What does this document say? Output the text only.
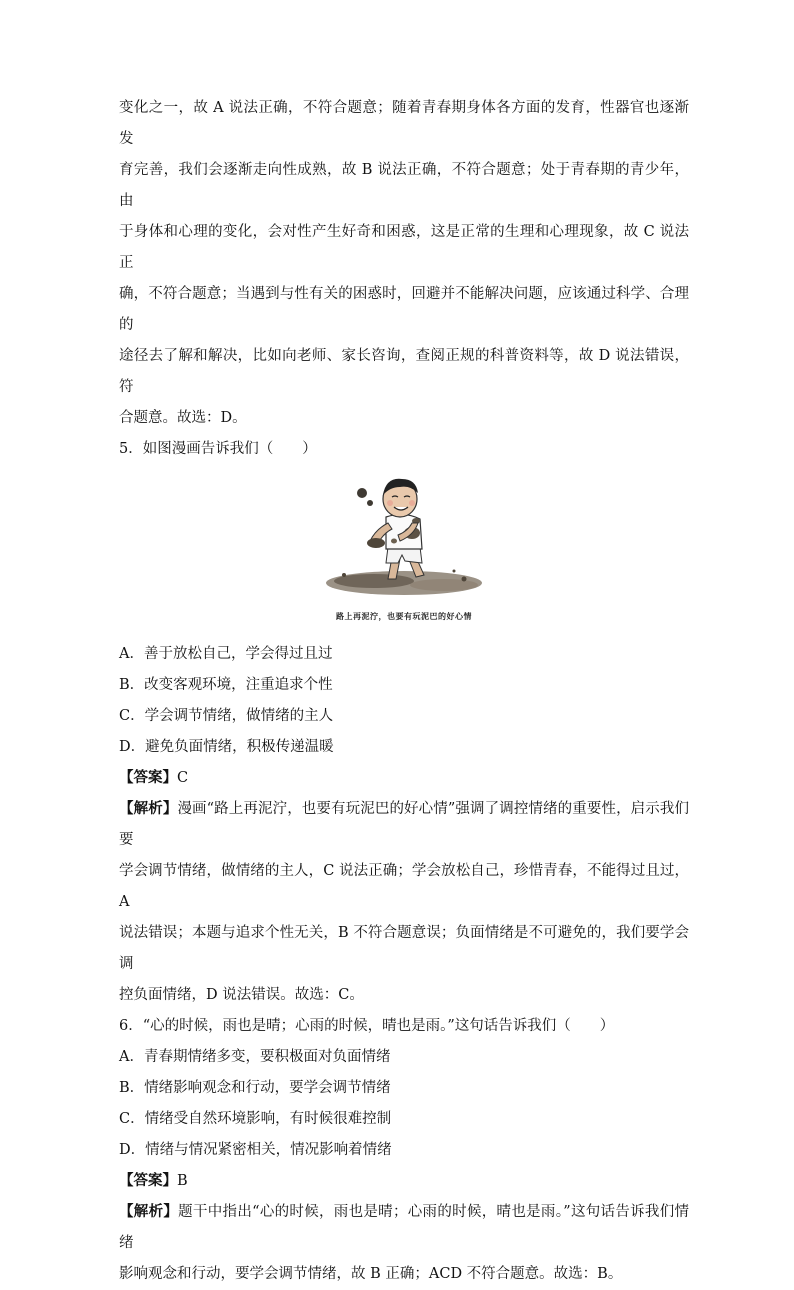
变化之一，故 A 说法正确，不符合题意；随着青春期身体各方面的发育，性器官也逐渐发

育完善，我们会逐渐走向性成熟，故 B 说法正确，不符合题意；处于青春期的青少年，由

于身体和心理的变化，会对性产生好奇和困惑，这是正常的生理和心理现象，故 C 说法正

确，不符合题意；当遇到与性有关的困惑时，回避并不能解决问题，应该通过科学、合理的

途径去了解和解决，比如向老师、家长咨询，查阅正规的科普资料等，故 D 说法错误，符

合题意。故选：D。

5．如图漫画告诉我们（　　）

路上再泥泞，也要有玩泥巴的好心情

A．善于放松自己，学会得过且过

B．改变客观环境，注重追求个性

C．学会调节情绪，做情绪的主人

D．避免负面情绪，积极传递温暖

【答案】C

【解析】漫画“路上再泥泞，也要有玩泥巴的好心情”强调了调控情绪的重要性，启示我们要

学会调节情绪，做情绪的主人，C 说法正确；学会放松自己，珍惜青春，不能得过且过，A

说法错误；本题与追求个性无关，B 不符合题意误；负面情绪是不可避免的，我们要学会调

控负面情绪，D 说法错误。故选：C。

6．“心的时候，雨也是晴；心雨的时候，晴也是雨。”这句话告诉我们（　　）

A．青春期情绪多变，要积极面对负面情绪

B．情绪影响观念和行动，要学会调节情绪

C．情绪受自然环境影响，有时候很难控制

D．情绪与情况紧密相关，情况影响着情绪

【答案】B

【解析】题干中指出“心的时候，雨也是晴；心雨的时候，晴也是雨。”这句话告诉我们情绪

影响观念和行动，要学会调节情绪，故 B 正确；ACD 不符合题意。故选：B。
